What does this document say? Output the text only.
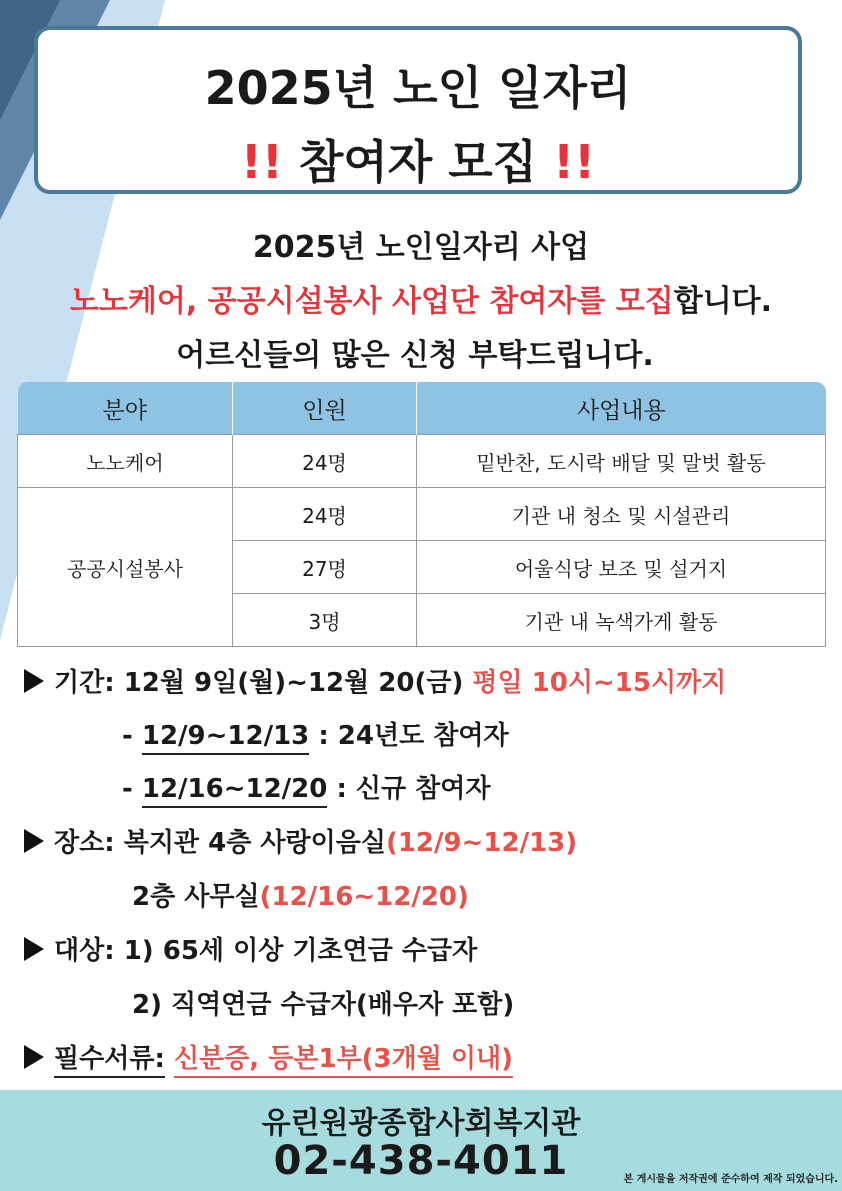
2025년 노인 일자리
!! 참여자 모집 !!
2025년 노인일자리 사업
노노케어, 공공시설봉사 사업단 참여자를 모집합니다.
어르신들의 많은 신청 부탁드립니다.
분야	인원	사업내용
노노케어	24명	밑반찬, 도시락 배달 및 말벗 활동
공공시설봉사	24명	기관 내 청소 및 시설관리
	27명	어울식당 보조 및 설거지
	3명	기관 내 녹색가게 활동
기간: 12월 9일(월)~12월 20(금) 평일 10시~15시까지
- 12/9~12/13 : 24년도 참여자
- 12/16~12/20 : 신규 참여자
장소: 복지관 4층 사랑이음실(12/9~12/13)
2층 사무실(12/16~12/20)
대상: 1) 65세 이상 기초연금 수급자
2) 직역연금 수급자(배우자 포함)
필수서류: 신분증, 등본1부(3개월 이내)
유린원광종합사회복지관
02-438-4011	본 게시물을 저작권에 준수하여 제작 되었습니다.
